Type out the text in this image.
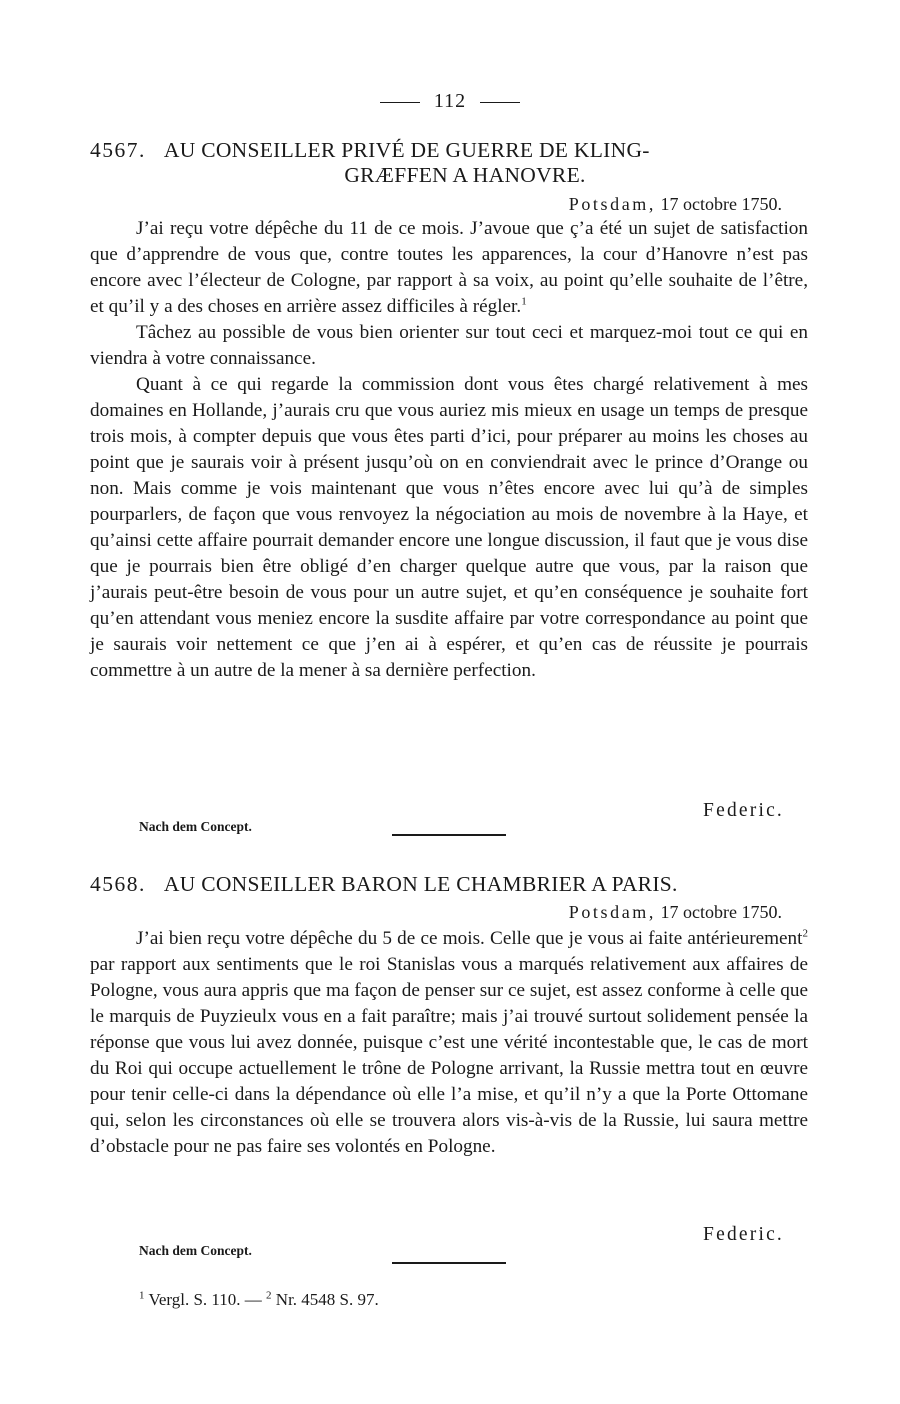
112
4567. AU CONSEILLER PRIVÉ DE GUERRE DE KLING-
GRÆFFEN A HANOVRE.
Potsdam, 17 octobre 1750.

J’ai reçu votre dépêche du 11 de ce mois. J’avoue que ç’a été un sujet de satisfaction que d’apprendre de vous que, contre toutes les apparences, la cour d’Hanovre n’est pas encore avec l’électeur de Cologne, par rapport à sa voix, au point qu’elle souhaite de l’être, et qu’il y a des choses en arrière assez difficiles à régler.$^1$

Tâchez au possible de vous bien orienter sur tout ceci et marquez-moi tout ce qui en viendra à votre connaissance.

Quant à ce qui regarde la commission dont vous êtes chargé relativement à mes domaines en Hollande, j’aurais cru que vous auriez mis mieux en usage un temps de presque trois mois, à compter depuis que vous êtes parti d’ici, pour préparer au moins les choses au point que je saurais voir à présent jusqu’où on en conviendrait avec le prince d’Orange ou non. Mais comme je vois maintenant que vous n’êtes encore avec lui qu’à de simples pourparlers, de façon que vous renvoyez la négociation au mois de novembre à la Haye, et qu’ainsi cette affaire pourrait demander encore une longue discussion, il faut que je vous dise que je pourrais bien être obligé d’en charger quelque autre que vous, par la raison que j’aurais peut-être besoin de vous pour un autre sujet, et qu’en conséquence je souhaite fort qu’en attendant vous meniez encore la susdite affaire par votre correspondance au point que je saurais voir nettement ce que j’en ai à espérer, et qu’en cas de réussite je pourrais commettre à un autre de la mener à sa dernière perfection.

Federic.
Nach dem Concept.
4568. AU CONSEILLER BARON LE CHAMBRIER A PARIS.
Potsdam, 17 octobre 1750.

J’ai bien reçu votre dépêche du 5 de ce mois. Celle que je vous ai faite antérieurement$^2$ par rapport aux sentiments que le roi Stanislas vous a marqués relativement aux affaires de Pologne, vous aura appris que ma façon de penser sur ce sujet, est assez conforme à celle que le marquis de Puyzieulx vous en a fait paraître; mais j’ai trouvé surtout solidement pensée la réponse que vous lui avez donnée, puisque c’est une vérité incontestable que, le cas de mort du Roi qui occupe actuellement le trône de Pologne arrivant, la Russie mettra tout en œuvre pour tenir celle-ci dans la dépendance où elle l’a mise, et qu’il n’y a que la Porte Ottomane qui, selon les circonstances où elle se trouvera alors vis-à-vis de la Russie, lui saura mettre d’obstacle pour ne pas faire ses volontés en Pologne.

Federic.
Nach dem Concept.
$^1$ Vergl. S. 110. — $^2$ Nr. 4548 S. 97.
